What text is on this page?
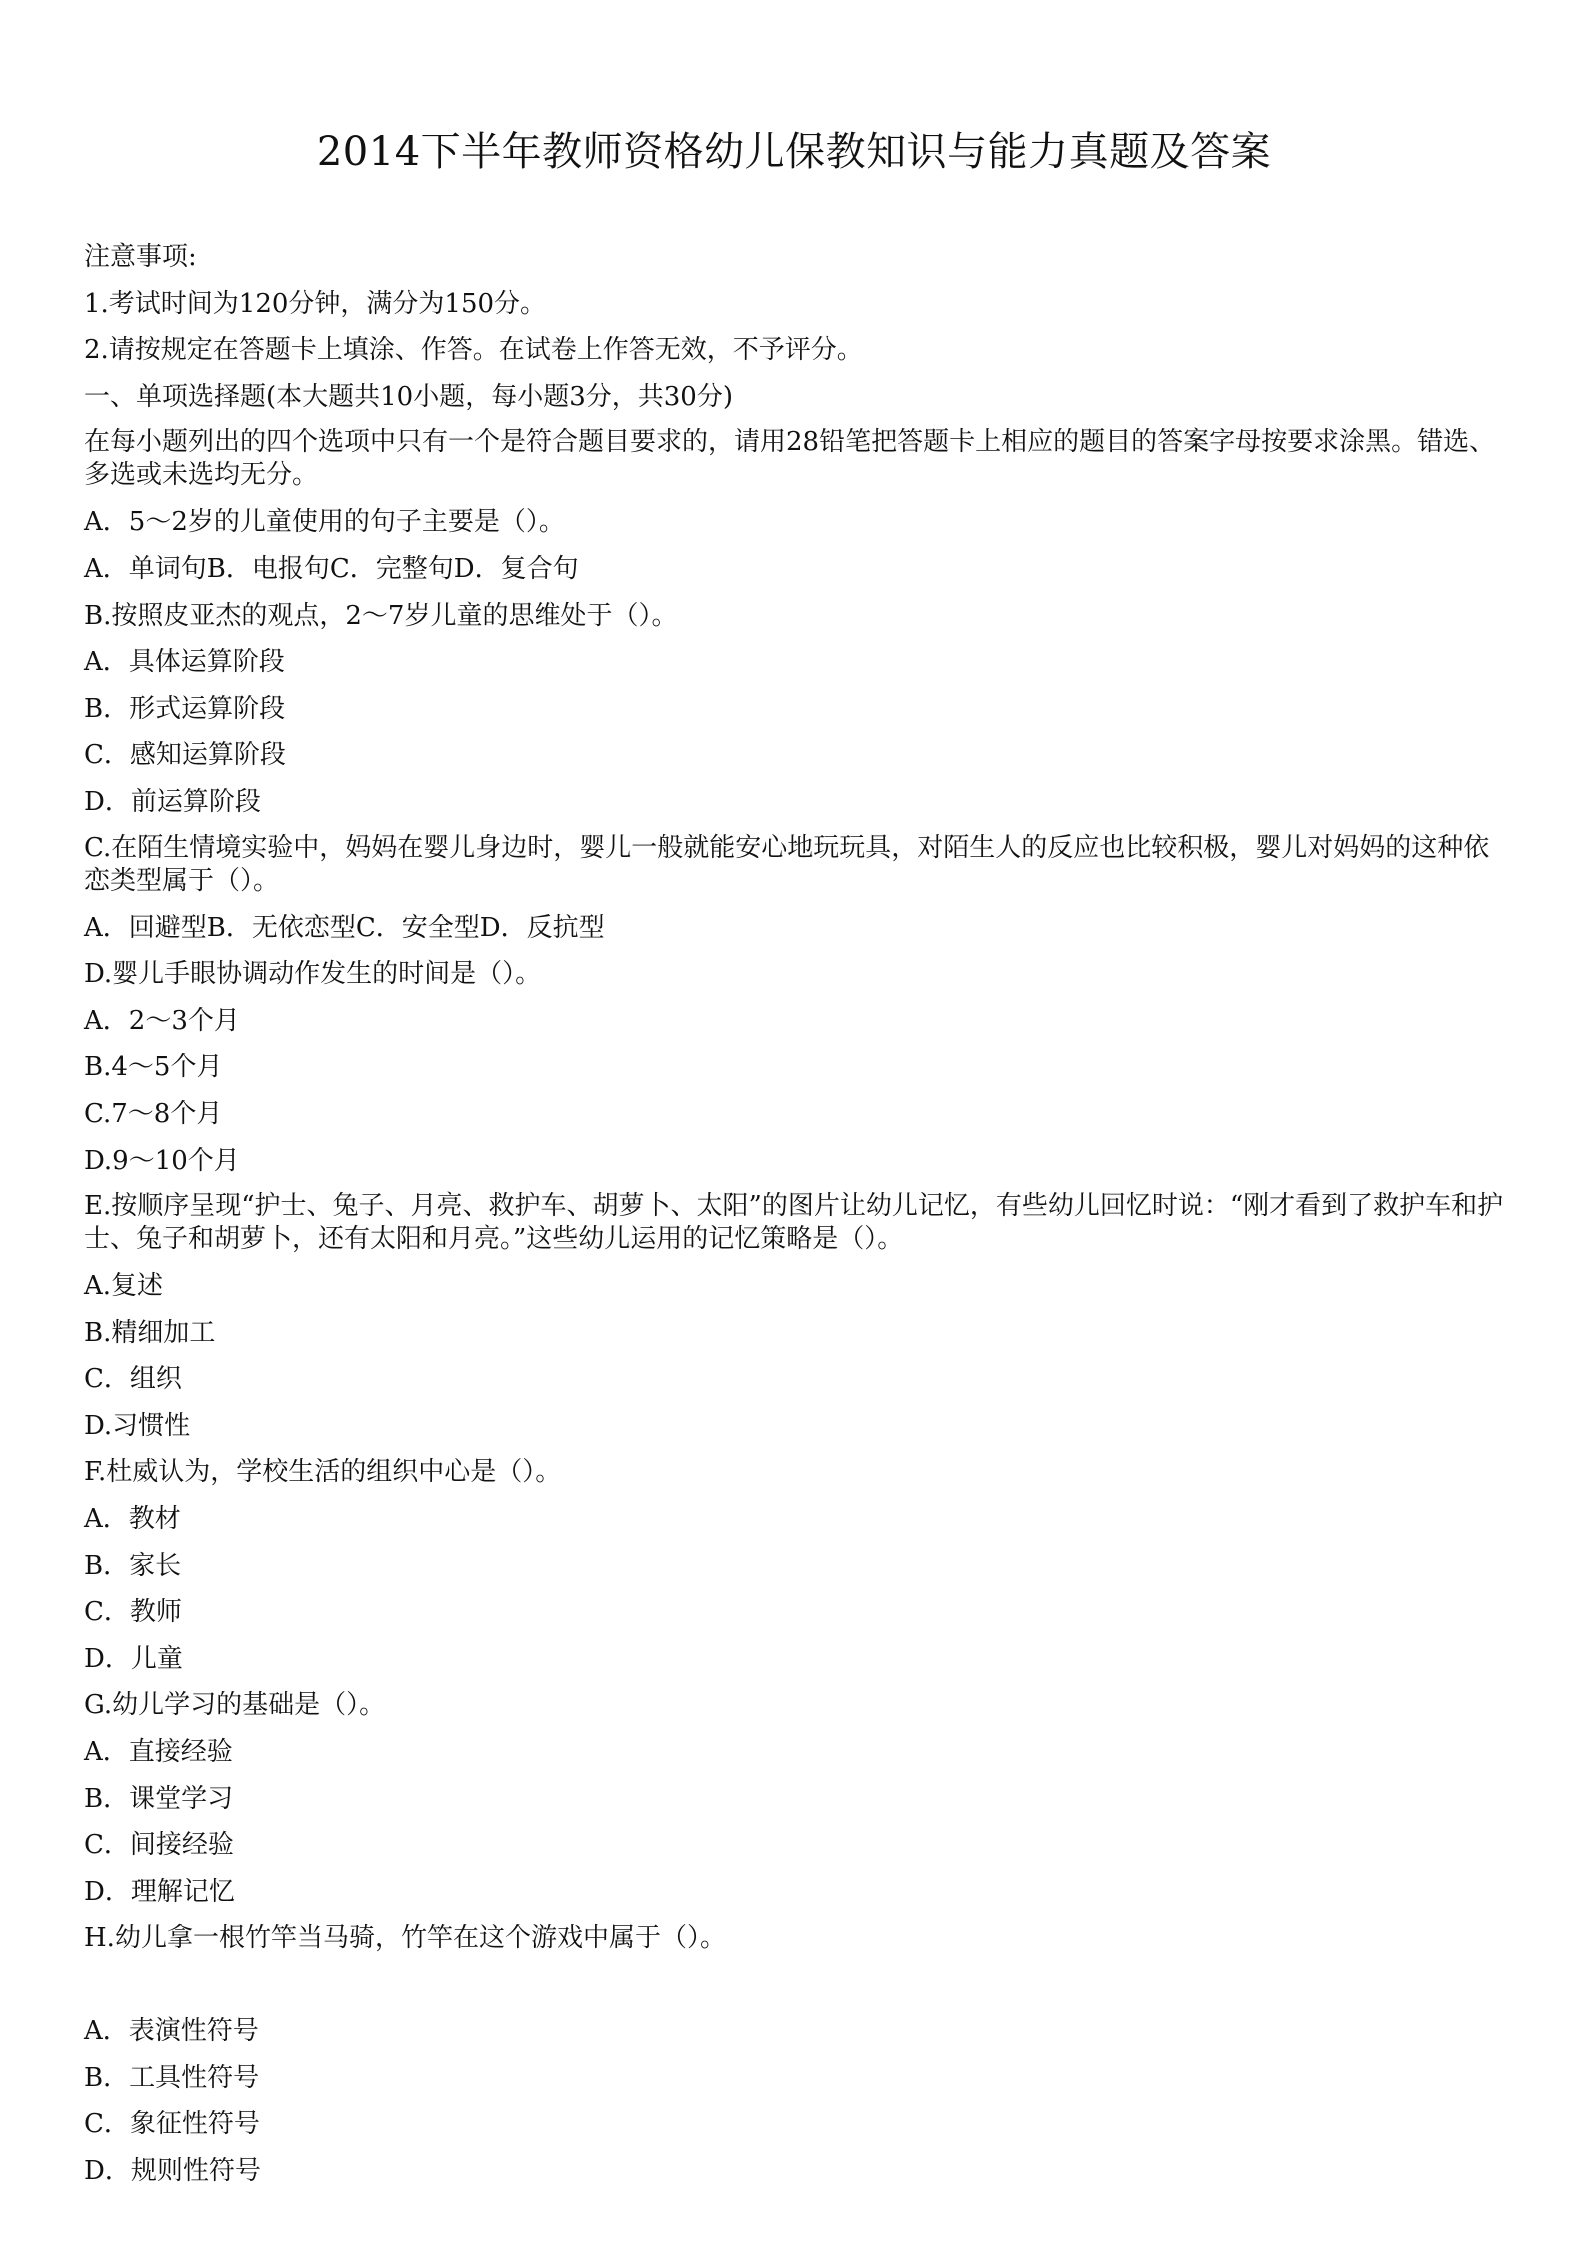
2014下半年教师资格幼儿保教知识与能力真题及答案

注意事项:

1.考试时间为120分钟，满分为150分。

2.请按规定在答题卡上填涂、作答。在试卷上作答无效，不予评分。

一、单项选择题(本大题共10小题，每小题3分，共30分)

在每小题列出的四个选项中只有一个是符合题目要求的，请用28铅笔把答题卡上相应的题目的答案字母按要求涂黑。错选、多选或未选均无分。

A．5～2岁的儿童使用的句子主要是（）。

A．单词句B．电报句C．完整句D．复合句

B.按照皮亚杰的观点，2～7岁儿童的思维处于（）。

A．具体运算阶段

B．形式运算阶段

C．感知运算阶段

D．前运算阶段

C.在陌生情境实验中，妈妈在婴儿身边时，婴儿一般就能安心地玩玩具，对陌生人的反应也比较积极，婴儿对妈妈的这种依恋类型属于（）。

A．回避型B．无依恋型C．安全型D．反抗型

D.婴儿手眼协调动作发生的时间是（）。

A．2～3个月

B.4～5个月

C.7～8个月

D.9～10个月

E.按顺序呈现“护士、兔子、月亮、救护车、胡萝卜、太阳”的图片让幼儿记忆，有些幼儿回忆时说：“刚才看到了救护车和护士、兔子和胡萝卜，还有太阳和月亮。”这些幼儿运用的记忆策略是（）。

A.复述

B.精细加工

C．组织

D.习惯性

F.杜威认为，学校生活的组织中心是（）。

A．教材

B．家长

C．教师

D．儿童

G.幼儿学习的基础是（）。

A．直接经验

B．课堂学习

C．间接经验

D．理解记忆

H.幼儿拿一根竹竿当马骑，竹竿在这个游戏中属于（）。

A．表演性符号

B．工具性符号

C．象征性符号

D．规则性符号
